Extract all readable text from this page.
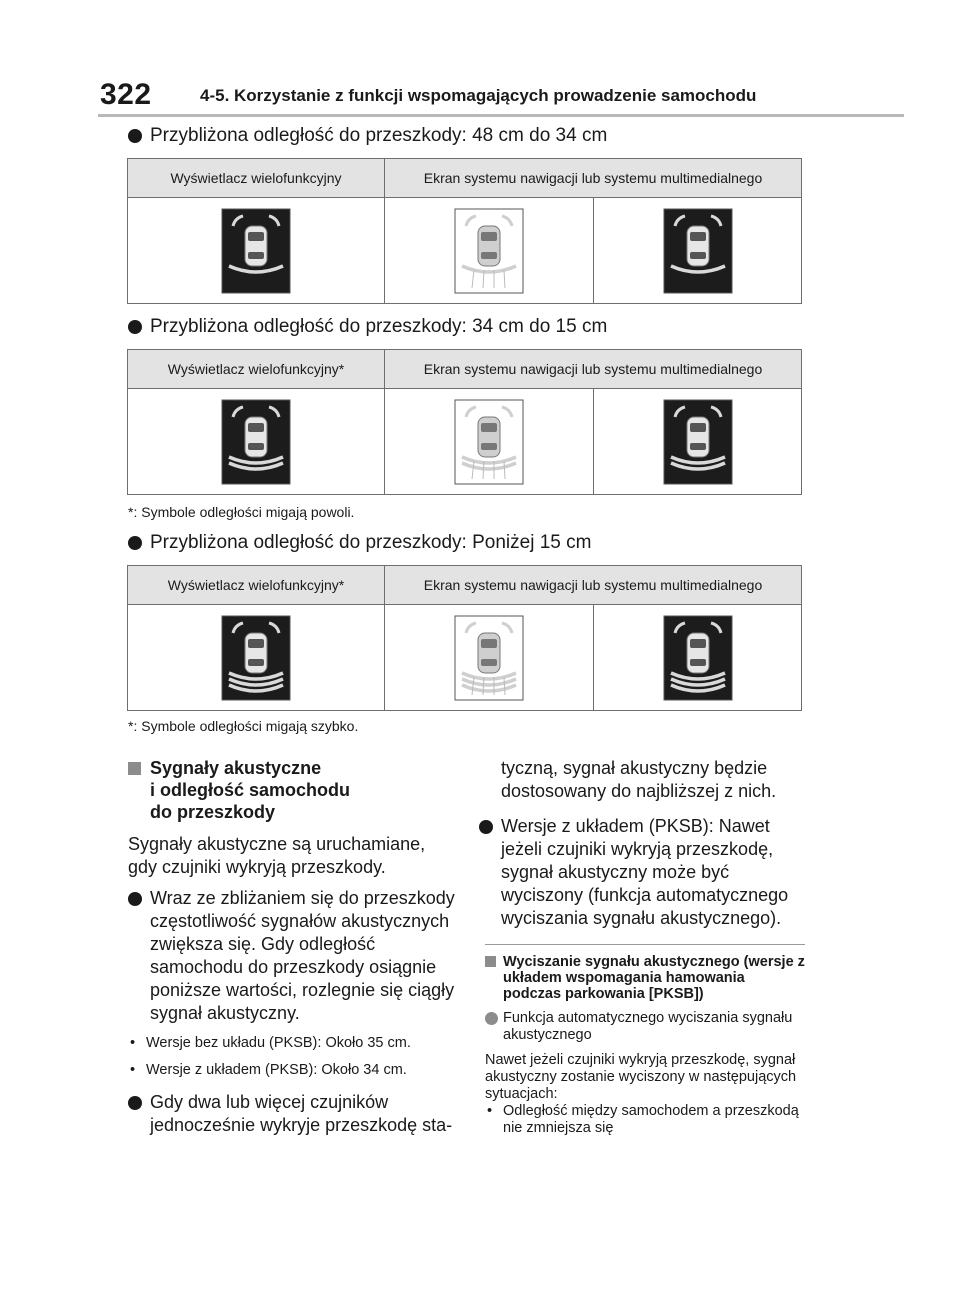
322	4-5. Korzystanie z funkcji wspomagających prowadzenie samochodu
Przybliżona odległość do przeszkody: 48 cm do 34 cm
Wyświetlacz wielofunkcyjny	Ekran systemu nawigacji lub systemu multimedialnego
Przybliżona odległość do przeszkody: 34 cm do 15 cm
Wyświetlacz wielofunkcyjny*	Ekran systemu nawigacji lub systemu multimedialnego
*: Symbole odległości migają powoli.
Przybliżona odległość do przeszkody: Poniżej 15 cm
Wyświetlacz wielofunkcyjny*	Ekran systemu nawigacji lub systemu multimedialnego
*: Symbole odległości migają szybko.
Sygnały akustyczne
i odległość samochodu
do przeszkody
Sygnały akustyczne są uruchamiane, gdy czujniki wykryją przeszkody.
Wraz ze zbliżaniem się do przeszkody częstotliwość sygnałów akustycznych zwiększa się. Gdy odległość samochodu do przeszkody osiągnie poniższe wartości, rozlegnie się ciągły sygnał akustyczny.
• Wersje bez układu (PKSB): Około 35 cm.
• Wersje z układem (PKSB): Około 34 cm.
Gdy dwa lub więcej czujników jednocześnie wykryje przeszkodę sta-
tyczną, sygnał akustyczny będzie dostosowany do najbliższej z nich.
Wersje z układem (PKSB): Nawet jeżeli czujniki wykryją przeszkodę, sygnał akustyczny może być wyciszony (funkcja automatycznego wyciszania sygnału akustycznego).
Wyciszanie sygnału akustycznego (wersje z układem wspomagania hamowania podczas parkowania [PKSB])
Funkcja automatycznego wyciszania sygnału akustycznego
Nawet jeżeli czujniki wykryją przeszkodę, sygnał akustyczny zostanie wyciszony w następujących sytuacjach:
• Odległość między samochodem a przeszkodą nie zmniejsza się
